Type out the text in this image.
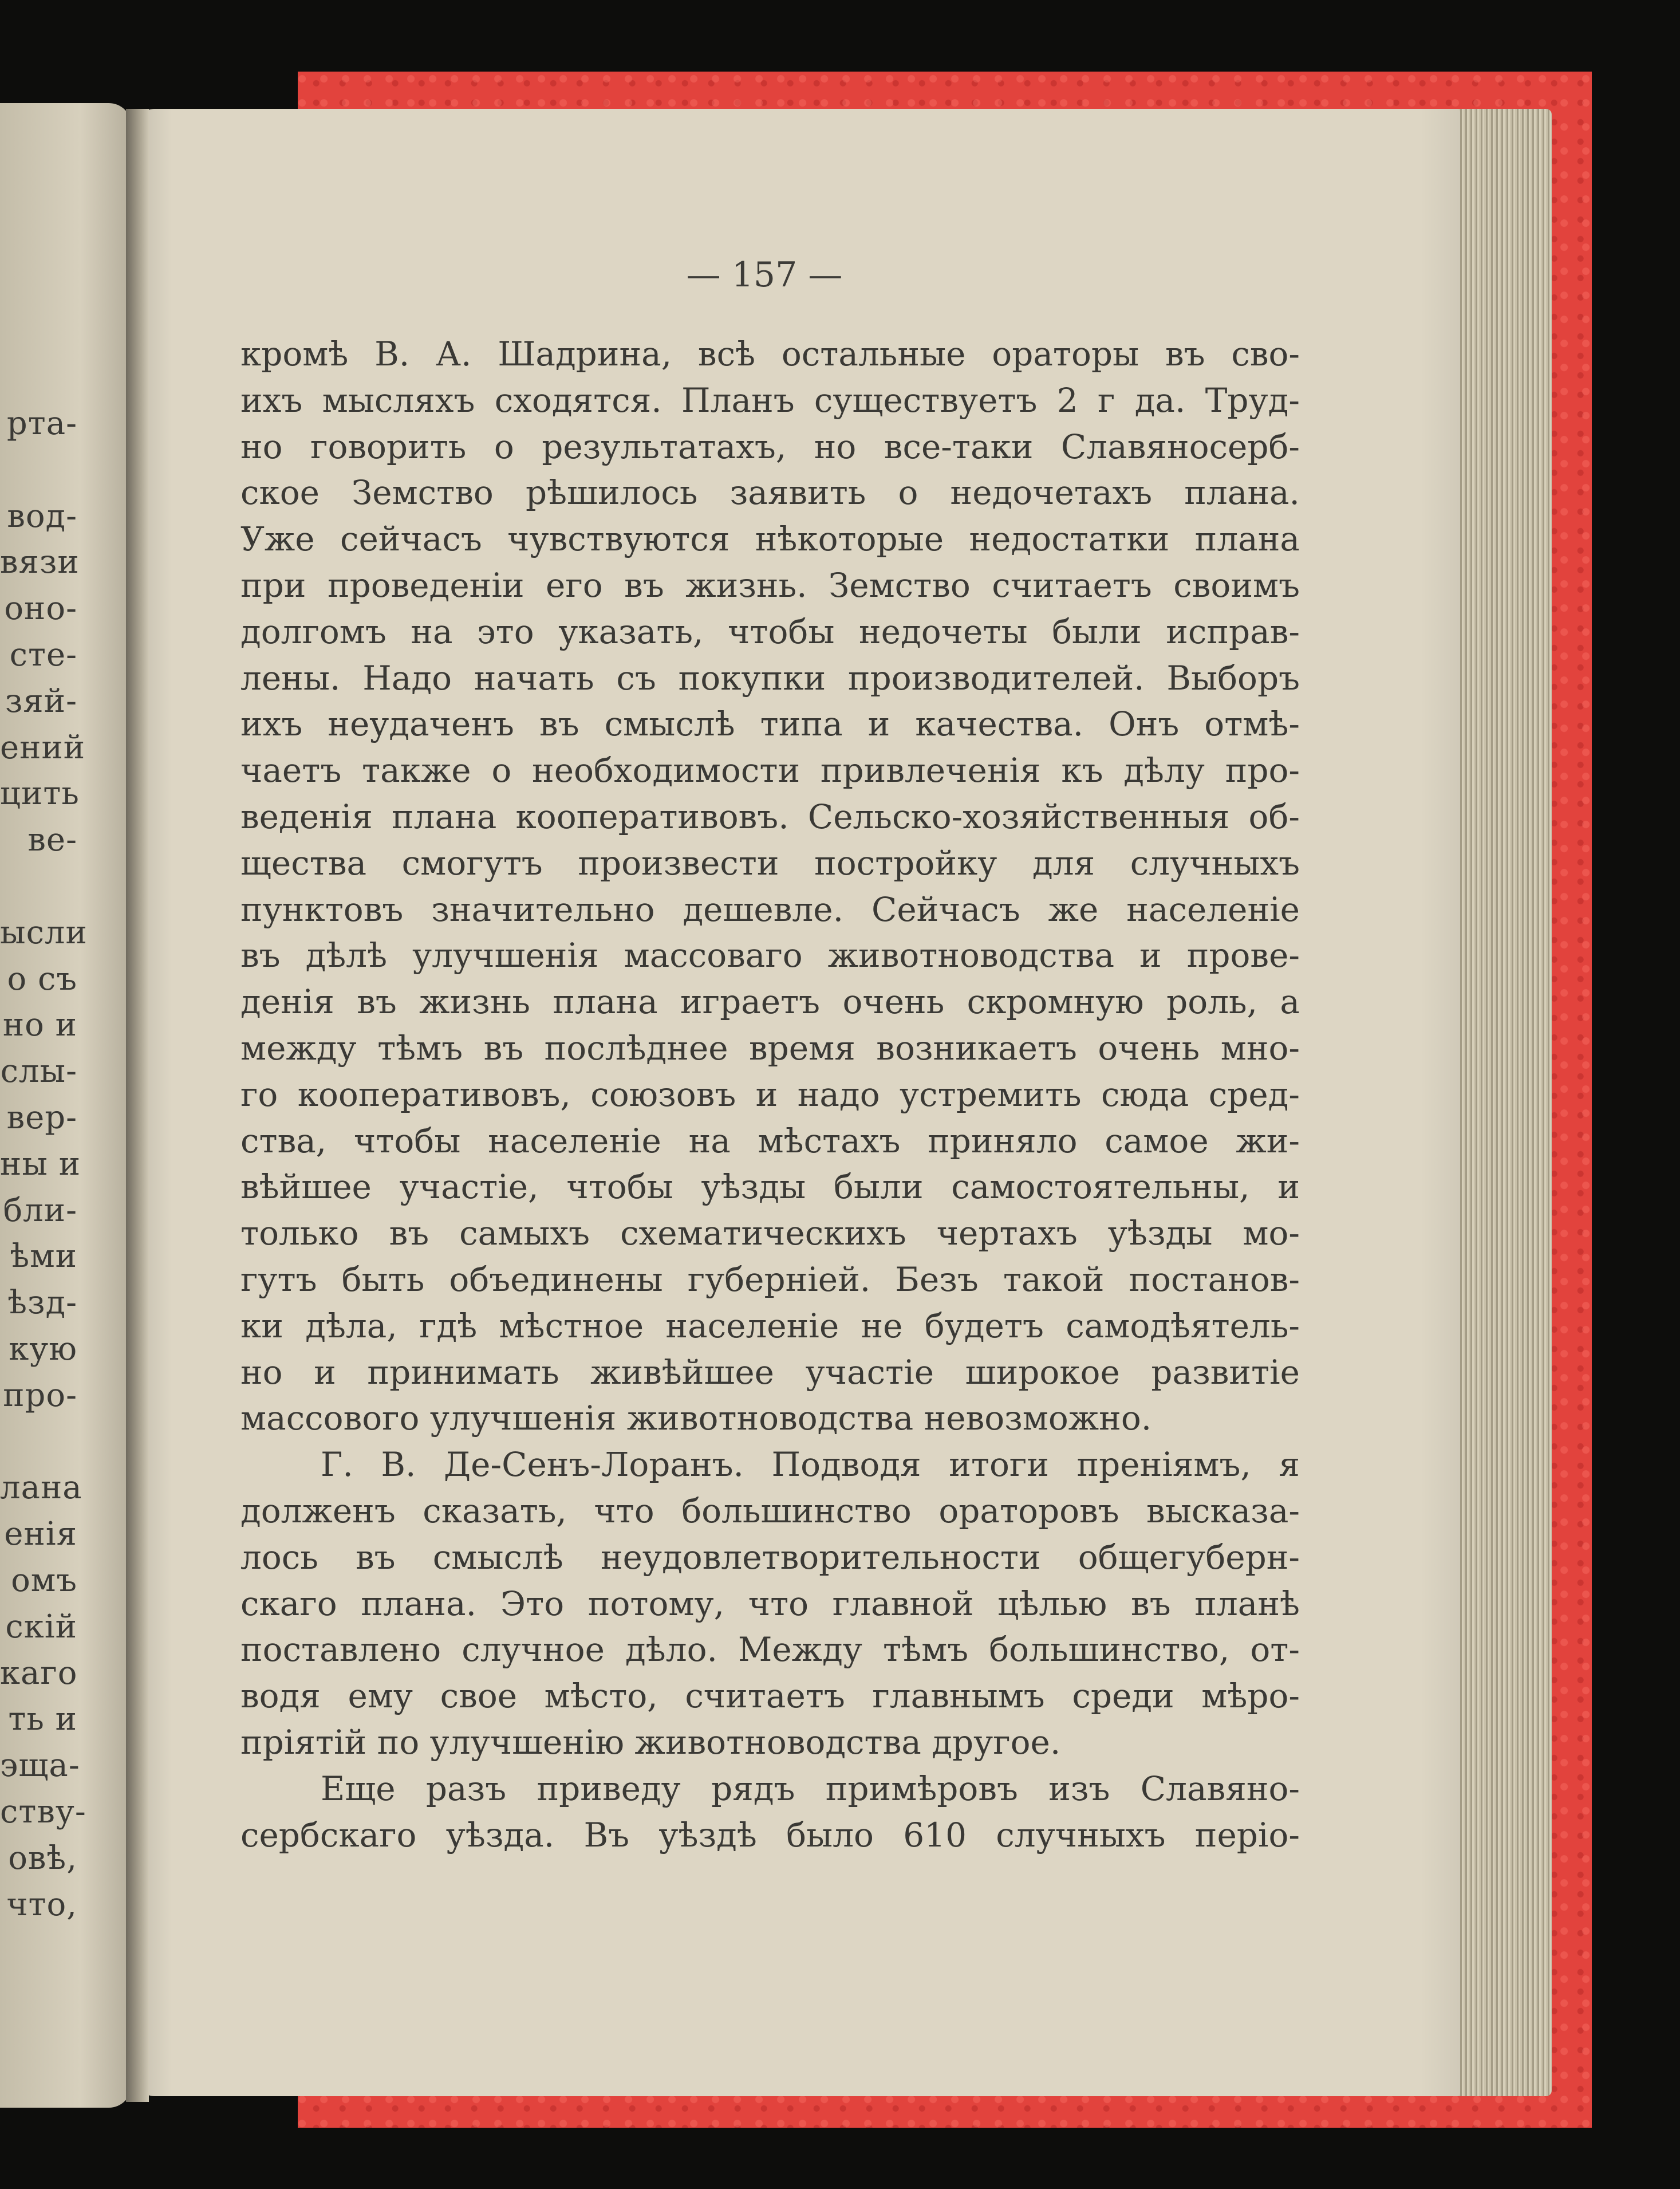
рта-
вод-
вязи
оно-
сте-
зяй-
ений
цить
ве-
ысли
о съ
но и
слы-
вер-
ны и
бли-
ѣми
ѣзд-
кую
про-
лана
енія
омъ
скій
каго
ть и
эща-
ству-
овѣ,
что,
— 157 —
кромѣ В. А. Шадрина, всѣ остальные ораторы въ сво-
ихъ мысляхъ сходятся. Планъ существуетъ 2 г да. Труд-
но говорить о результатахъ, но все-таки Славяносерб-
ское Земство рѣшилось заявить о недочетахъ плана.
Уже сейчасъ чувствуются нѣкоторые недостатки плана
при проведеніи его въ жизнь. Земство считаетъ своимъ
долгомъ на это указать, чтобы недочеты были исправ-
лены. Надо начать съ покупки производителей. Выборъ
ихъ неудаченъ въ смыслѣ типа и качества. Онъ отмѣ-
чаетъ также о необходимости привлеченія къ дѣлу про-
веденія плана кооперативовъ. Сельско-хозяйственныя об-
щества смогутъ произвести постройку для случныхъ
пунктовъ значительно дешевле. Сейчасъ же населеніе
въ дѣлѣ улучшенія массоваго животноводства и прове-
денія въ жизнь плана играетъ очень скромную роль, а
между тѣмъ въ послѣднее время возникаетъ очень мно-
го кооперативовъ, союзовъ и надо устремить сюда сред-
ства, чтобы населеніе на мѣстахъ приняло самое жи-
вѣйшее участіе, чтобы уѣзды были самостоятельны, и
только въ самыхъ схематическихъ чертахъ уѣзды мо-
гутъ быть объединены губерніей. Безъ такой постанов-
ки дѣла, гдѣ мѣстное населеніе не будетъ самодѣятель-
но и принимать живѣйшее участіе широкое развитіе
массового улучшенія животноводства невозможно.
Г. В. Де-Сенъ-Лоранъ. Подводя итоги преніямъ, я
долженъ сказать, что большинство ораторовъ высказа-
лось въ смыслѣ неудовлетворительности общегуберн-
скаго плана. Это потому, что главной цѣлью въ планѣ
поставлено случное дѣло. Между тѣмъ большинство, от-
водя ему свое мѣсто, считаетъ главнымъ среди мѣро-
пріятій по улучшенію животноводства другое.
Еще разъ приведу рядъ примѣровъ изъ Славяно-
сербскаго уѣзда. Въ уѣздѣ было 610 случныхъ періо-
